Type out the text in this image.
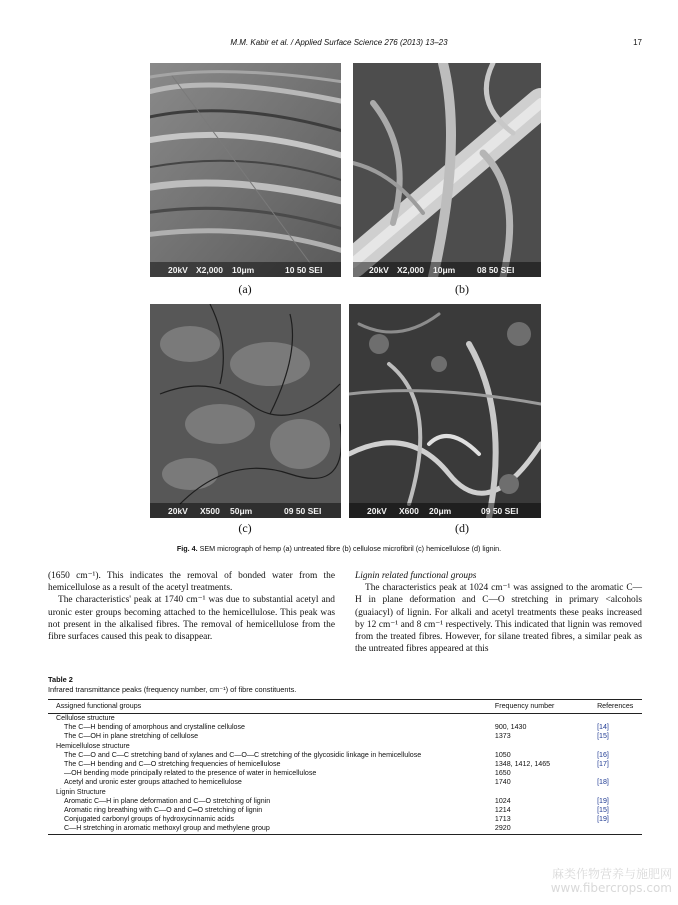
M.M. Kabir et al. / Applied Surface Science 276 (2013) 13–23	17
20kV X2,000 10μm	10 50 SEI
(a)
20kV X2,000 10μm	08 50 SEI
(b)
20kV X500 50μm	09 50 SEI
(c)
20kV X600 20μm	09 50 SEI
(d)
Fig. 4. SEM micrograph of hemp (a) untreated fibre (b) cellulose microfibril (c) hemicellulose (d) lignin.

(1650 cm⁻¹). This indicates the removal of bonded water from the hemicellulose as a result of the acetyl treatments.

The characteristics' peak at 1740 cm⁻¹ was due to substantial acetyl and uronic ester groups becoming attached to the hemicellulose. This peak was not present in the alkalised fibres. The removal of hemicellulose from the fibre surfaces caused this peak to disappear.

Lignin related functional groups

The characteristics peak at 1024 cm⁻¹ was assigned to the aromatic C—H in plane deformation and C—O stretching in primary <alcohols (guaiacyl) of lignin. For alkali and acetyl treatments these peaks increased by 12 cm⁻¹ and 8 cm⁻¹ respectively. This indicated that lignin was removed from the treated fibres. However, for silane treated fibres, a similar peak as the untreated fibres appeared at this

Table 2
Infrared transmittance peaks (frequency number, cm⁻¹) of fibre constituents.
Assigned functional groups	Frequency number	References
Cellulose structure		
The C—H bending of amorphous and crystalline cellulose	900, 1430	[14]
The C—OH in plane stretching of cellulose	1373	[15]
Hemicellulose structure		
The C—O and C—C stretching band of xylanes and C—O—C stretching of the glycosidic linkage in hemicellulose	1050	[16]
The C—H bending and C—O stretching frequencies of hemicellulose	1348, 1412, 1465	[17]
—OH bending mode principally related to the presence of water in hemicellulose	1650	
Acetyl and uronic ester groups attached to hemicellulose	1740	[18]
Lignin Structure		
Aromatic C—H in plane deformation and C—O stretching of lignin	1024	[19]
Aromatic ring breathing with C—O and C═O stretching of lignin	1214	[15]
Conjugated carbonyl groups of hydroxycinnamic acids	1713	[19]
C—H stretching in aromatic methoxyl group and methylene group	2920	
麻类作物营养与施肥网
www.fibercrops.com
